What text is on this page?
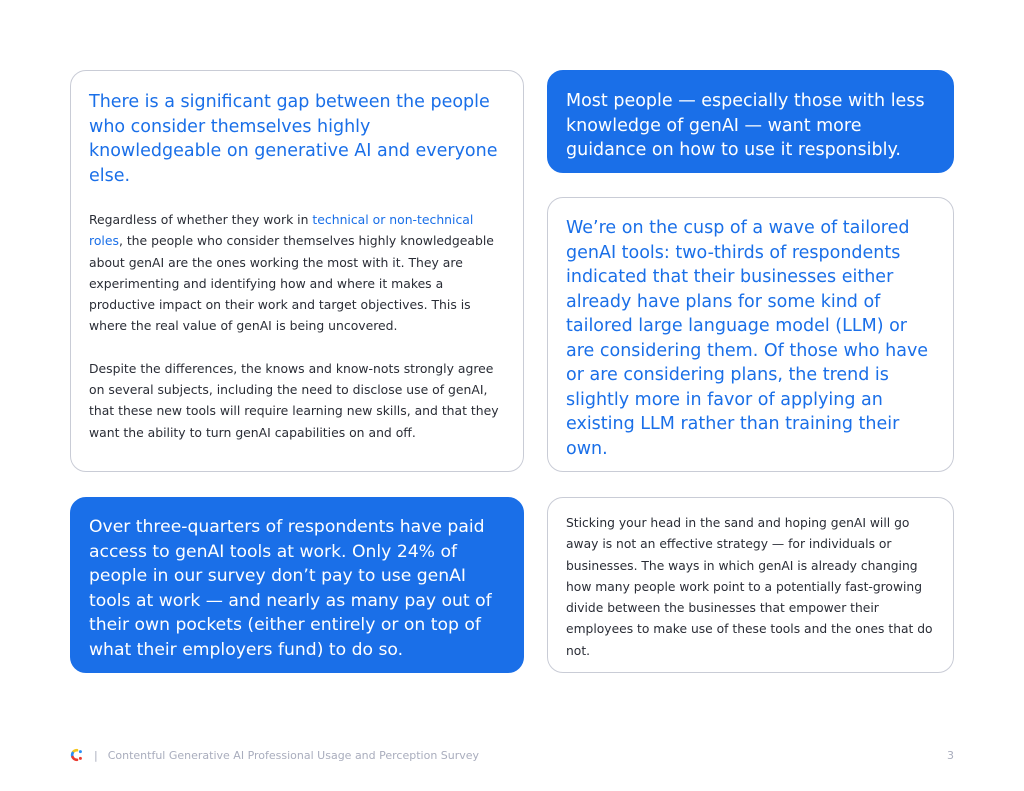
There is a significant gap between the people who consider themselves highly knowledgeable on generative AI and everyone else.

Regardless of whether they work in technical or non-technical roles, the people who consider themselves highly knowledgeable about genAI are the ones working the most with it. They are experimenting and identifying how and where it makes a productive impact on their work and target objectives. This is where the real value of genAI is being uncovered.

Despite the differences, the knows and know-nots strongly agree on several subjects, including the need to disclose use of genAI, that these new tools will require learning new skills, and that they want the ability to turn genAI capabilities on and off.

Most people — especially those with less knowledge of genAI — want more guidance on how to use it responsibly.
We’re on the cusp of a wave of tailored genAI tools: two-thirds of respondents indicated that their businesses either already have plans for some kind of tailored large language model (LLM) or are considering them. Of those who have or are considering plans, the trend is slightly more in favor of applying an existing LLM rather than training their own.
Over three-quarters of respondents have paid access to genAI tools at work. Only 24% of people in our survey don’t pay to use genAI tools at work — and nearly as many pay out of their own pockets (either entirely or on top of what their employers fund) to do so.

Sticking your head in the sand and hoping genAI will go away is not an effective strategy — for individuals or businesses. The ways in which genAI is already changing how many people work point to a potentially fast-growing divide between the businesses that empower their employees to make use of these tools and the ones that do not.

| Contentful Generative AI Professional Usage and Perception Survey	3
